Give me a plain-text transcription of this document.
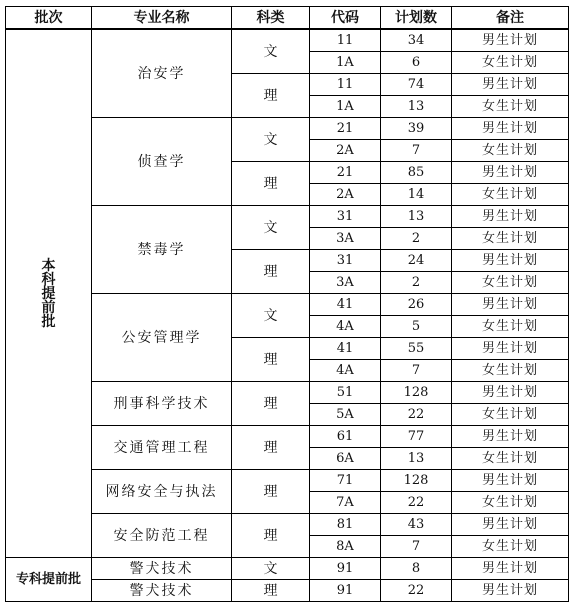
批次	专业名称	科类	代码	计划数	备注

本科提前批	治安学	文	11	34	男生计划
			1A	6	女生计划
		理	11	74	男生计划
			1A	13	女生计划
	侦查学	文	21	39	男生计划
			2A	7	女生计划
		理	21	85	男生计划
			2A	14	女生计划
	禁毒学	文	31	13	男生计划
			3A	2	女生计划
		理	31	24	男生计划
			3A	2	女生计划
	公安管理学	文	41	26	男生计划
			4A	5	女生计划
		理	41	55	男生计划
			4A	7	女生计划
	刑事科学技术	理	51	128	男生计划
			5A	22	女生计划
	交通管理工程	理	61	77	男生计划
			6A	13	女生计划
	网络安全与执法	理	71	128	男生计划
			7A	22	女生计划
	安全防范工程	理	81	43	男生计划
			8A	7	女生计划
专科提前批	警犬技术	文	91	8	男生计划
	警犬技术	理	91	22	男生计划
